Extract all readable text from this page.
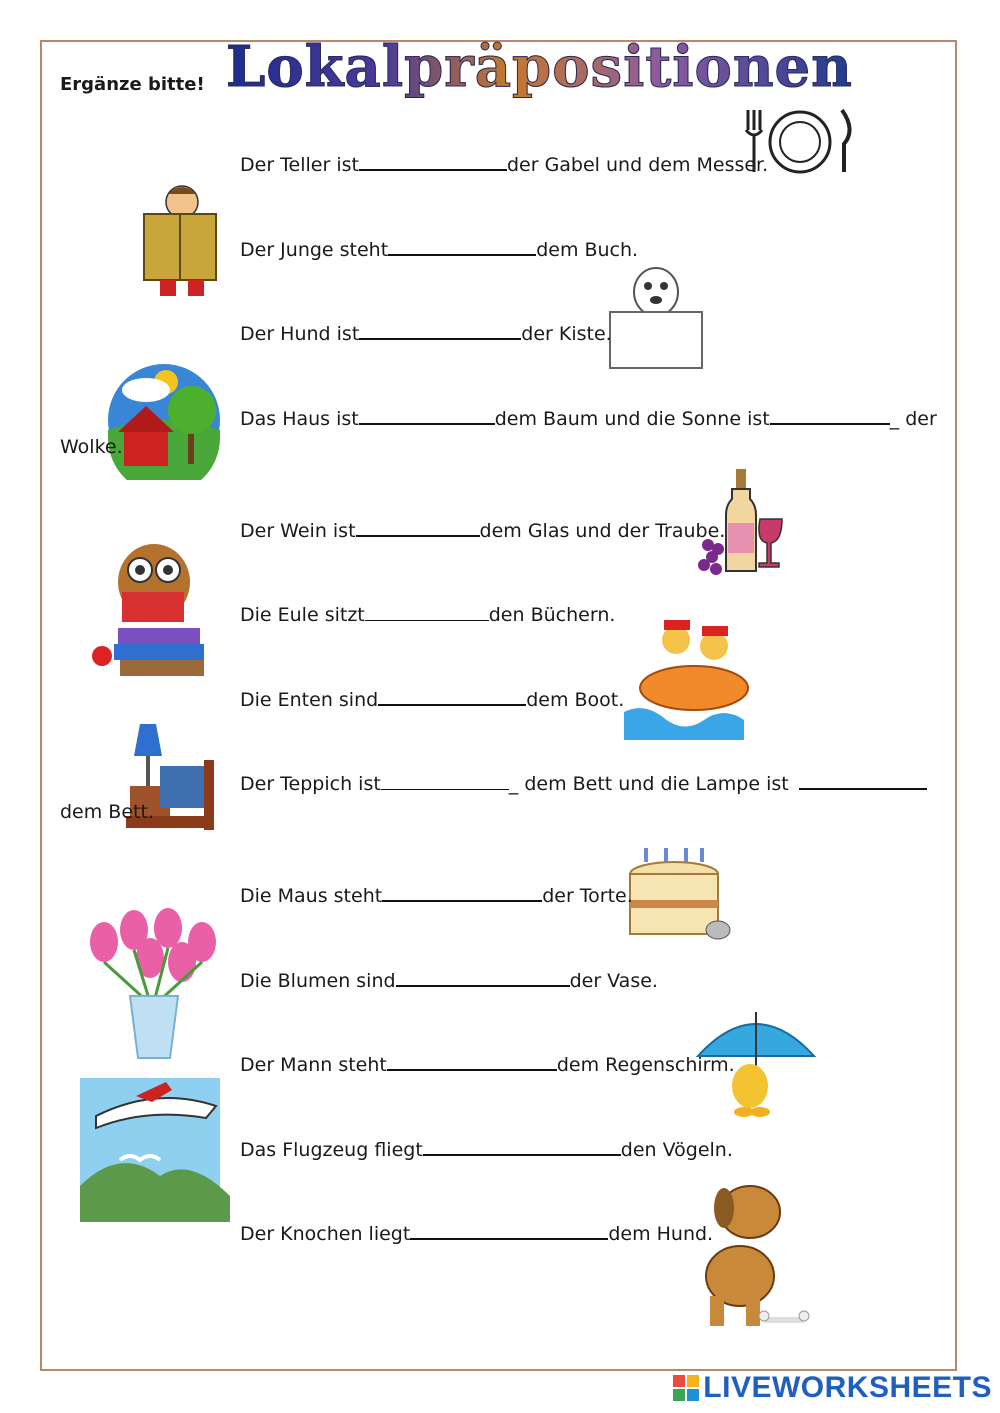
Ergänze bitte! Lokalpräpositionen
Der Teller ist	der Gabel und dem Messer.
Der Junge steht	dem Buch.
Der Hund ist	der Kiste.
Das Haus ist	dem Baum und die Sonne ist	_ der
Wolke.
Der Wein ist	dem Glas und der Traube.
Die Eule sitzt	den Büchern.
Die Enten sind	dem Boot.
Der Teppich ist	_ dem Bett und die Lampe ist
dem Bett.
Die Maus steht	der Torte.
Die Blumen sind	der Vase.
Der Mann steht	dem Regenschirm.
Das Flugzeug fliegt	den Vögeln.
Der Knochen liegt	dem Hund.
LIVEWORKSHEETS
